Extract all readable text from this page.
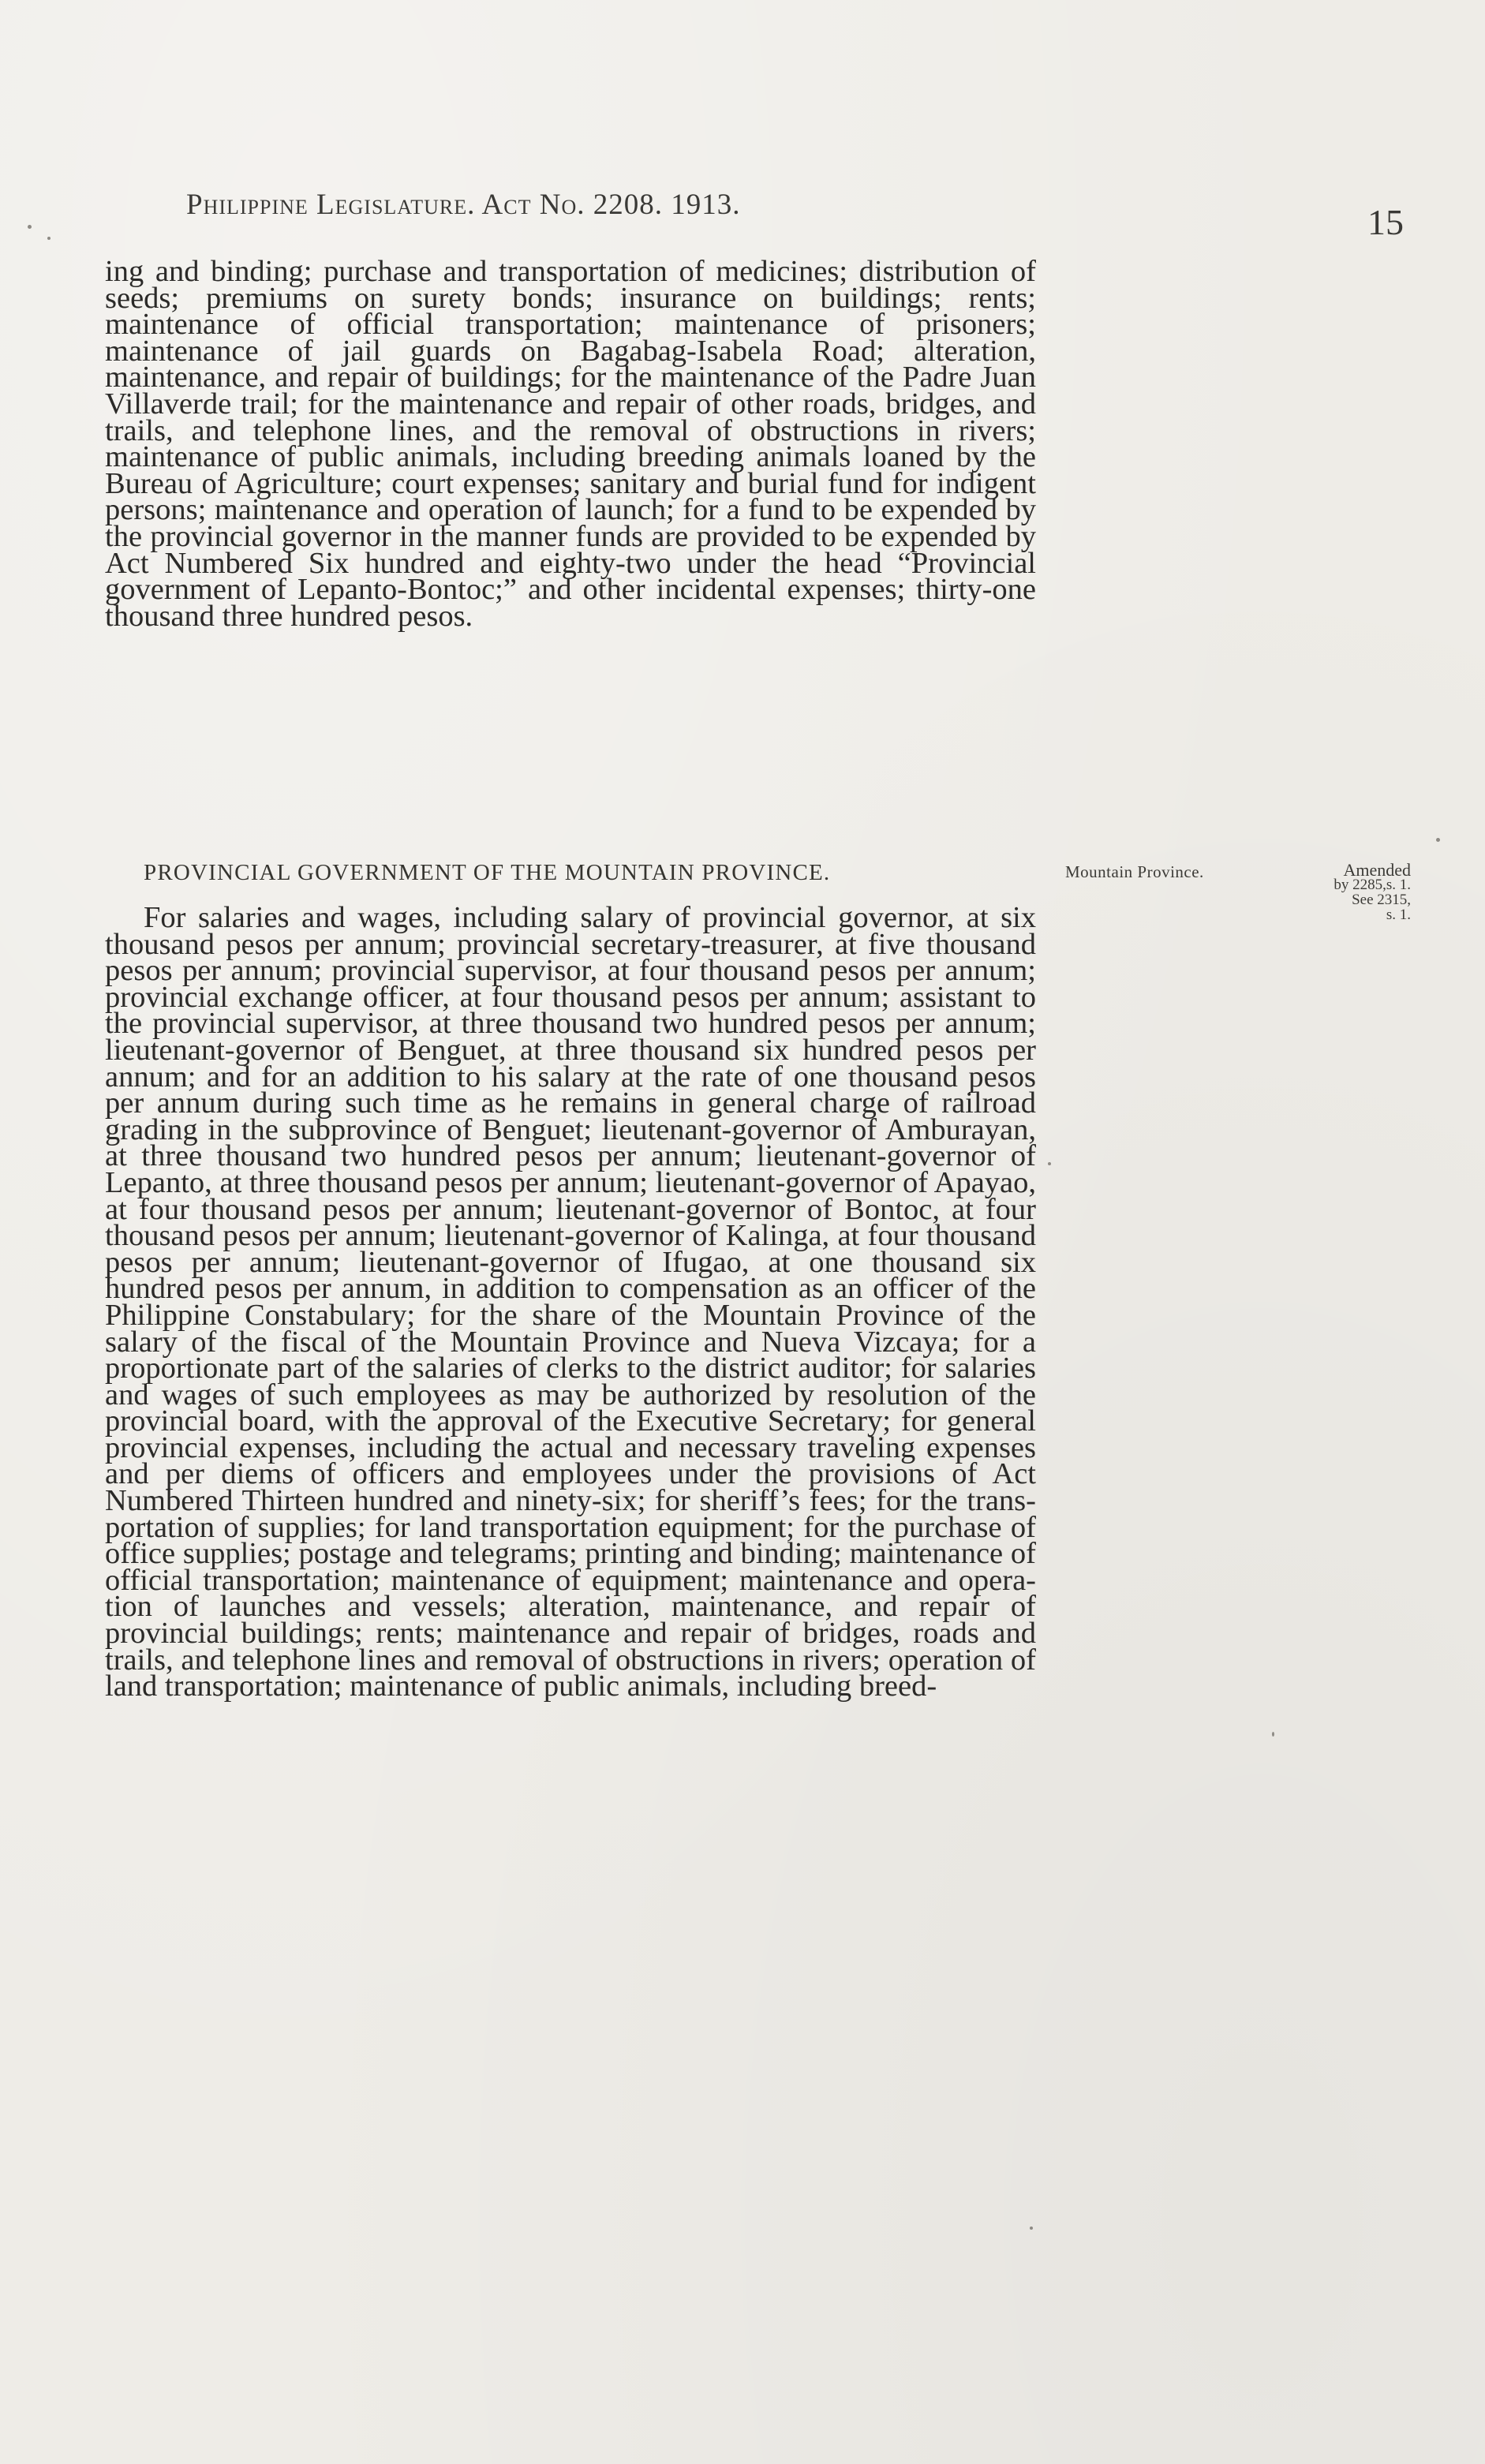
Philippine Legislature. Act No. 2208. 1913.	15
ing and binding; purchase and transportation of medicines; distribution of seeds; premiums on surety bonds; insurance on buildings; rents; maintenance of official transportation; maintenance of prisoners; maintenance of jail guards on Bagabag-Isabela Road; alteration, maintenance, and repair of buildings; for the maintenance of the Padre Juan Villaverde trail; for the maintenance and repair of other roads, bridges, and trails, and telephone lines, and the removal of obstructions in rivers; maintenance of public animals, including breeding animals loaned by the Bureau of Agriculture; court expenses; sanitary and burial fund for indigent persons; maintenance and operation of launch; for a fund to be expended by the provincial governor in the manner funds are provided to be expended by Act Numbered Six hundred and eighty-two under the head “Provincial government of Lepanto-Bontoc;” and other incidental expenses; thirty-one thousand three hundred pesos.
PROVINCIAL GOVERNMENT OF THE MOUNTAIN PROVINCE.	Mountain Province.	Amended
by 2285,s. 1.
See 2315,
s. 1.
For salaries and wages, including salary of provincial governor, at six thousand pesos per annum; provincial secretary-treasurer, at five thousand pesos per annum; provincial supervisor, at four thousand pesos per annum; provincial exchange officer, at four thousand pesos per annum; assistant to the provincial supervisor, at three thousand two hundred pesos per annum; lieutenant-governor of Benguet, at three thousand six hundred pesos per annum; and for an addition to his salary at the rate of one thousand pesos per annum during such time as he remains in general charge of railroad grading in the subprovince of Benguet; lieutenant-governor of Amburayan, at three thousand two hundred pesos per annum; lieutenant-governor of Lepanto, at three thousand pesos per annum; lieutenant-governor of Apayao, at four thousand pesos per annum; lieutenant-governor of Bontoc, at four thousand pesos per annum; lieutenant-governor of Kalinga, at four thousand pesos per annum; lieutenant-governor of Ifugao, at one thousand six hundred pesos per annum, in addition to compensation as an officer of the Philippine Constabulary; for the share of the Mountain Province of the salary of the fiscal of the Mountain Province and Nueva Vizcaya; for a proportionate part of the salaries of clerks to the district auditor; for salaries and wages of such employees as may be authorized by resolution of the provincial board, with the approval of the Executive Secretary; for general provincial expenses, including the actual and necessary traveling expenses and per diems of officers and employees under the provisions of Act Numbered Thirteen hundred and ninety-six; for sheriff’s fees; for the transportation of supplies; for land transportation equipment; for the purchase of office supplies; postage and telegrams; printing and binding; maintenance of official transportation; maintenance of equipment; maintenance and operation of launches and vessels; alteration, maintenance, and repair of provincial buildings; rents; maintenance and repair of bridges, roads and trails, and telephone lines and removal of obstructions in rivers; operation of land transportation; maintenance of public animals, including breed-
